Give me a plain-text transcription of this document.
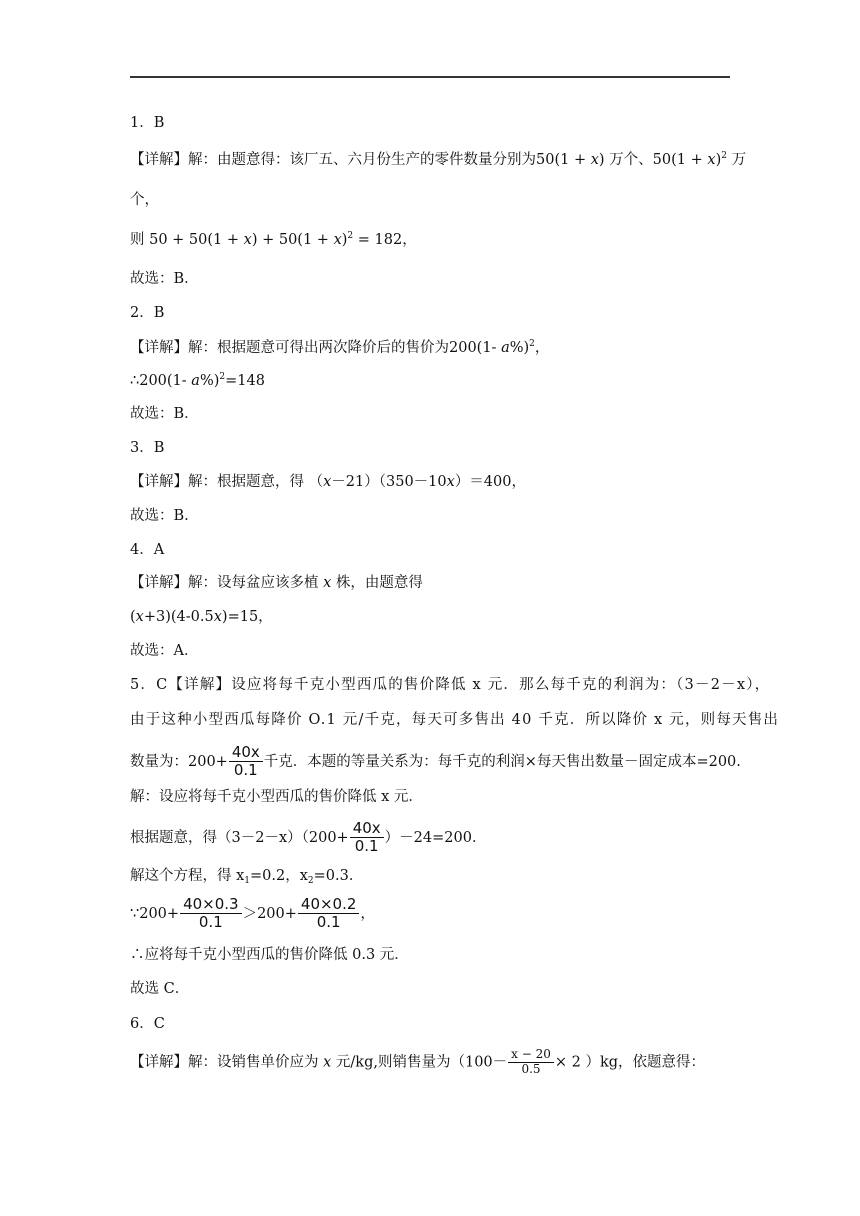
1．B
【详解】解：由题意得：该厂五、六月份生产的零件数量分别为50(1 + x) 万个、$50(1 + x)^2$ 万
个，
则 $50 + 50(1 + x) + 50(1 + x)^2 = 182$，
故选：B．
2．B
【详解】解：根据题意可得出两次降价后的售价为200(1- a%)$^2$，
∴200(1- a%)$^2$=148
故选：B．
3．B
【详解】解：根据题意，得 （x－21）（350－10x）＝400，
故选：B.
4．A
【详解】解：设每盆应该多植 x 株，由题意得
(x+3)(4-0.5x)=15，
故选：A．
5．C【详解】设应将每千克小型西瓜的售价降低 x 元．那么每千克的利润为：（3－2－x），
由于这种小型西瓜每降价 O.1 元/千克，每天可多售出 40 千克．所以降价 x 元，则每天售出
数量为：$200+ \frac{40x}{0.1}$ 千克．本题的等量关系为：每千克的利润×每天售出数量－固定成本=200.
解：设应将每千克小型西瓜的售价降低 x 元．
根据题意，得$(3-2-x)(200+ \frac{40x}{0.1} )-24=200$．
解这个方程，得 $x_1=0.2$，$x_2=0.3$．
∵200+ $\frac{40\times 0.3}{0.1} >200+ \frac{40\times 0.2}{0.1}$ ，
∴应将每千克小型西瓜的售价降低 0.3 元．
故选 C．
6．C
【详解】解：设销售单价应为 x 元/kg,则销售量为（$100- \frac{x - 20}{0.5} \times 2$ ）kg，依题意得：
